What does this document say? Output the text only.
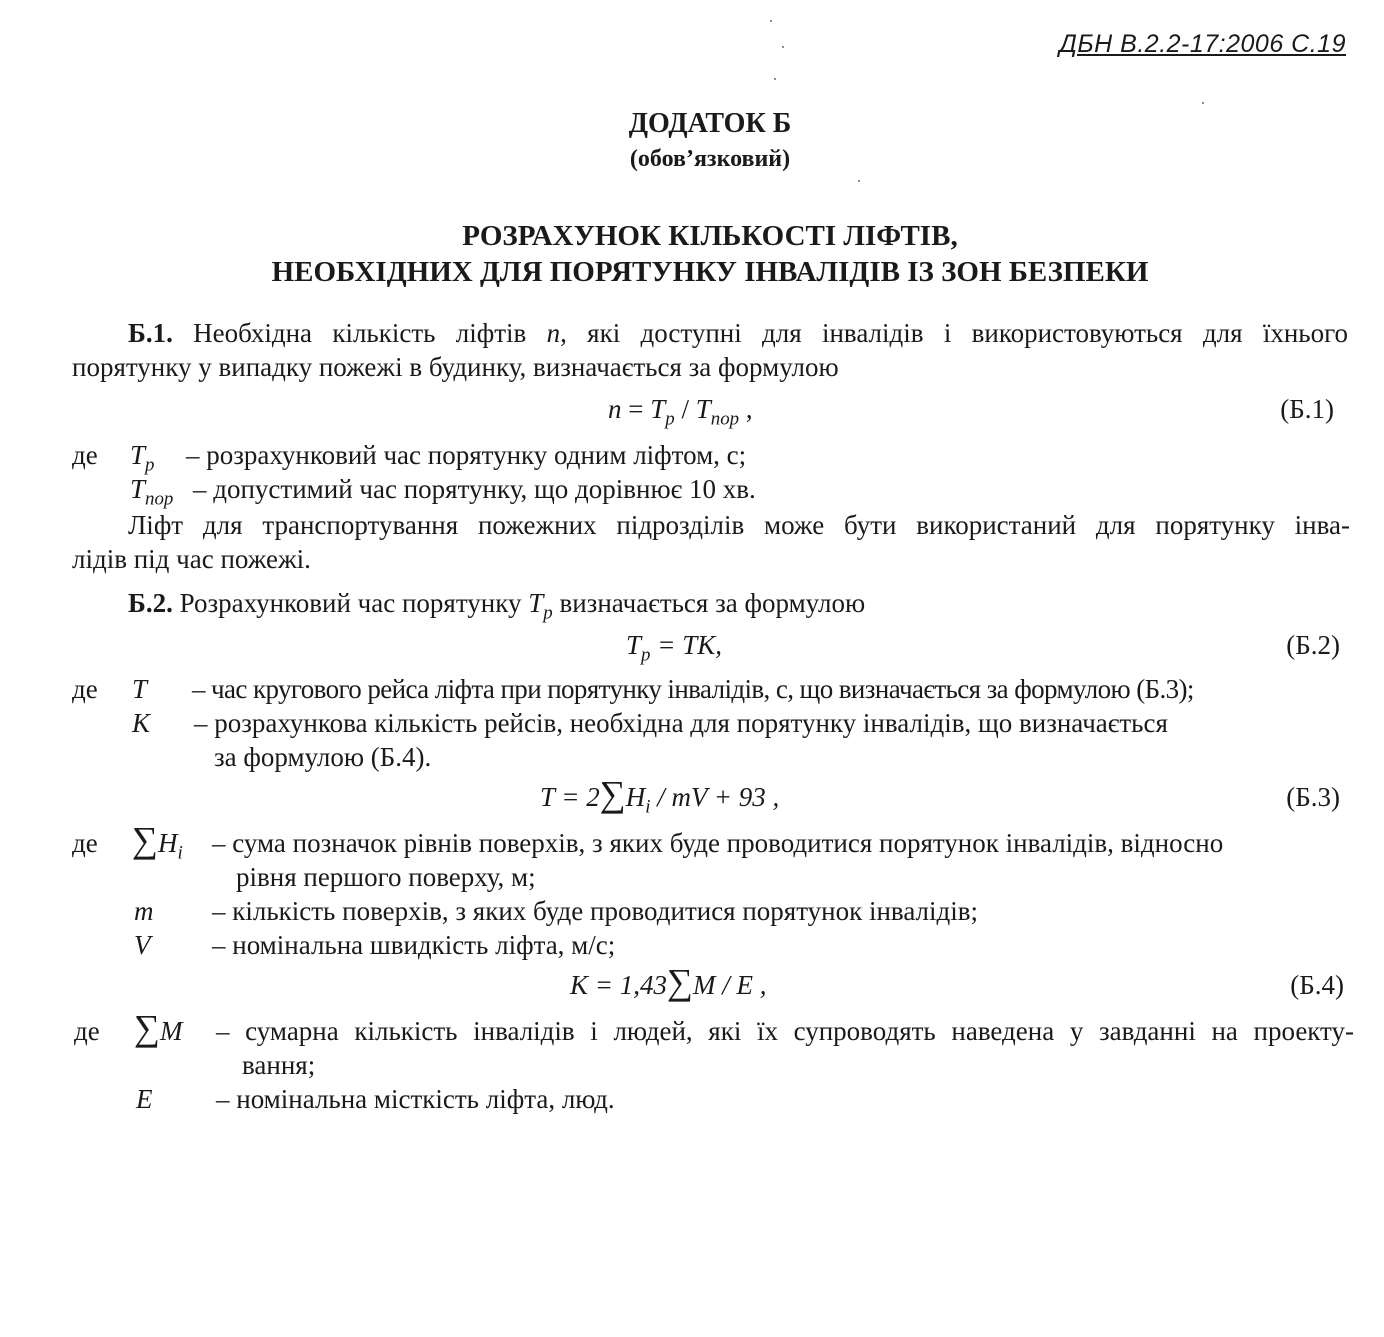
ДБН В.2.2-17:2006 С.19
ДОДАТОК Б
(обов’язковий)
РОЗРАХУНОК КІЛЬКОСТІ ЛІФТІВ,
НЕОБХІДНИХ ДЛЯ ПОРЯТУНКУ ІНВАЛІДІВ ІЗ ЗОН БЕЗПЕКИ
Б.1. Необхідна кількість ліфтів n, які доступні для інвалідів і використовуються для їхнього
порятунку у випадку пожежі в будинку, визначається за формулою
$n = T_p / T_{пор}$ ,	(Б.1)
де $T_p$ – розрахунковий час порятунку одним ліфтом, с;
$T_{пор}$ – допустимий час порятунку, що дорівнює 10 хв.
Ліфт для транспортування пожежних підрозділів може бути використаний для порятунку інва-
лідів під час пожежі.
Б.2. Розрахунковий час порятунку $T_p$ визначається за формулою
$T_p$ = TK,	(Б.2)
де T – час кругового рейса ліфта при порятунку інвалідів, с, що визначається за формулою (Б.3);
K – розрахункова кількість рейсів, необхідна для порятунку інвалідів, що визначається
за формулою (Б.4).
$T = 2\sum H_i$ / mV + 93 ,	(Б.3)
де $\sum H_i$ – сума позначок рівнів поверхів, з яких буде проводитися порятунок інвалідів, відносно
рівня першого поверху, м;
m – кількість поверхів, з яких буде проводитися порятунок інвалідів;
V – номінальна швидкість ліфта, м/с;
K = 1,43∑M / E ,	(Б.4)
де ∑M – сумарна кількість інвалідів і людей, які їх супроводять наведена у завданні на проекту-
вання;
E – номінальна місткість ліфта, люд.
